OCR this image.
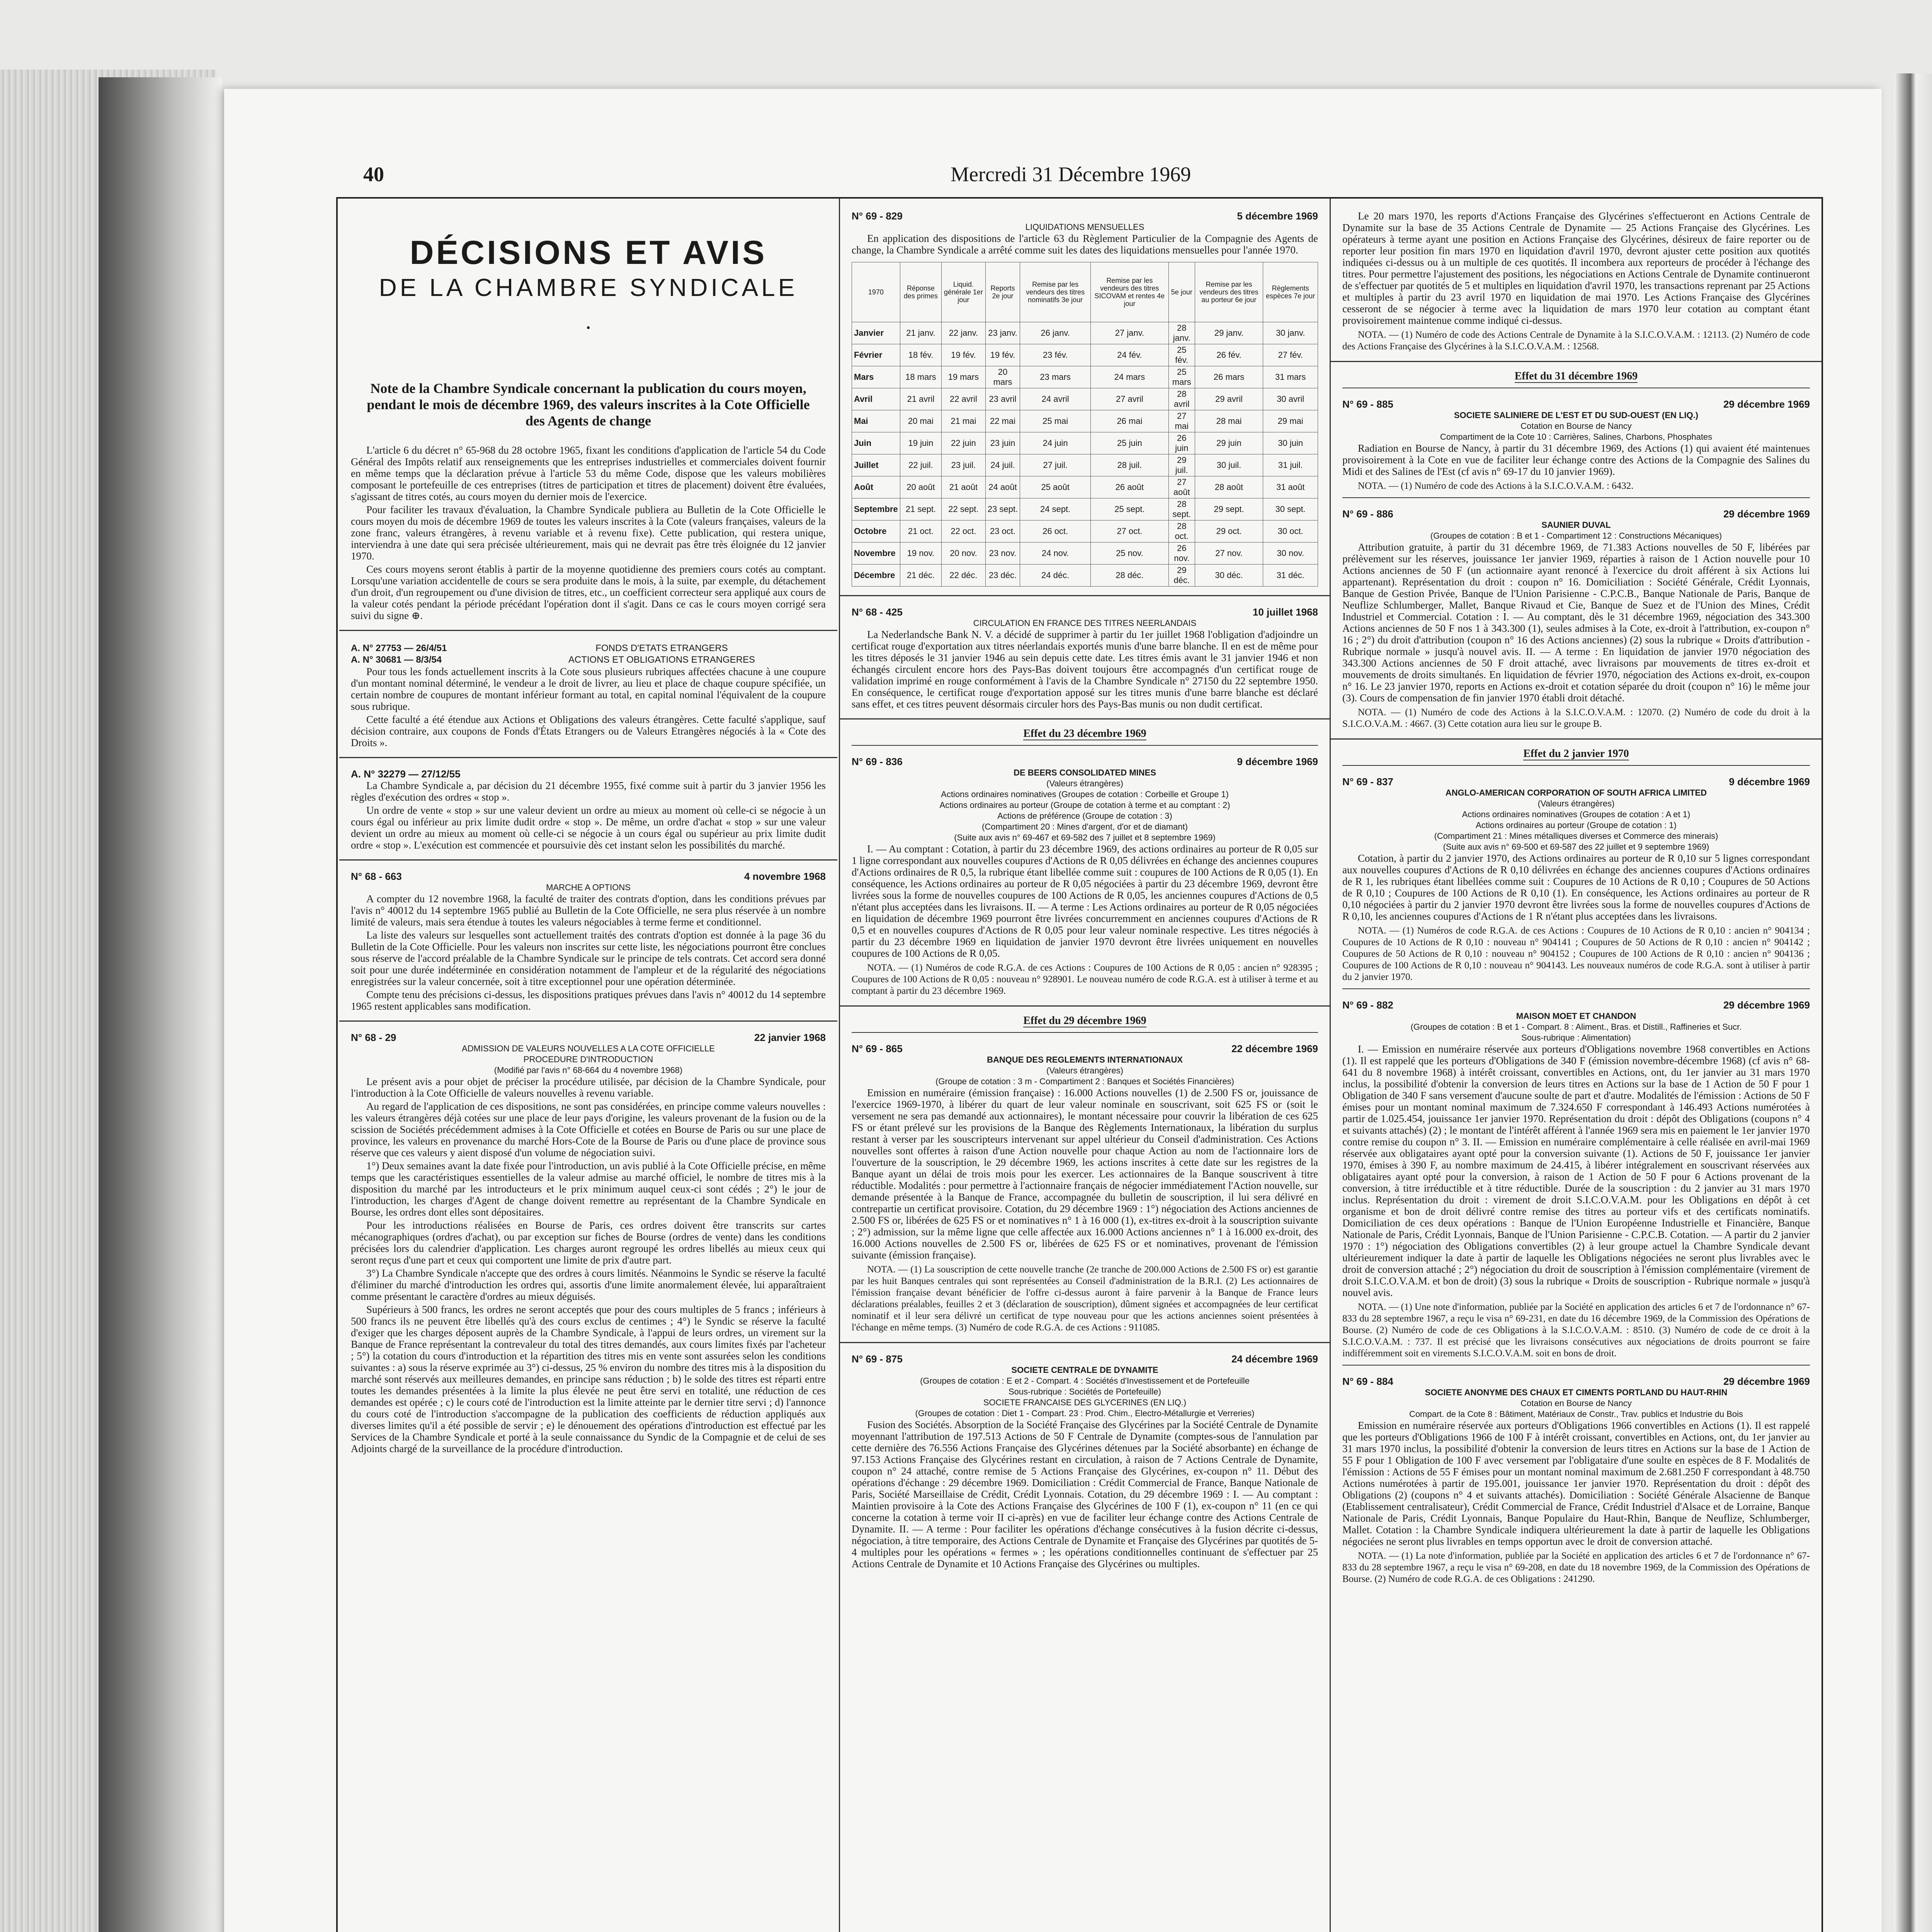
40	Mercredi 31 Décembre 1969
DÉCISIONS ET AVIS
DE LA CHAMBRE SYNDICALE
•
Note de la Chambre Syndicale concernant la publication du cours moyen, pendant le mois de décembre 1969, des valeurs inscrites à la Cote Officielle des Agents de change

L'article 6 du décret n° 65-968 du 28 octobre 1965, fixant les conditions d'application de l'article 54 du Code Général des Impôts relatif aux renseignements que les entreprises industrielles et commerciales doivent fournir en même temps que la déclaration prévue à l'article 53 du même Code, dispose que les valeurs mobilières composant le portefeuille de ces entreprises (titres de participation et titres de placement) doivent être évaluées, s'agissant de titres cotés, au cours moyen du dernier mois de l'exercice.

Pour faciliter les travaux d'évaluation, la Chambre Syndicale publiera au Bulletin de la Cote Officielle le cours moyen du mois de décembre 1969 de toutes les valeurs inscrites à la Cote (valeurs françaises, valeurs de la zone franc, valeurs étrangères, à revenu variable et à revenu fixe). Cette publication, qui restera unique, interviendra à une date qui sera précisée ultérieurement, mais qui ne devrait pas être très éloignée du 12 janvier 1970.

Ces cours moyens seront établis à partir de la moyenne quotidienne des premiers cours cotés au comptant. Lorsqu'une variation accidentelle de cours se sera produite dans le mois, à la suite, par exemple, du détachement d'un droit, d'un regroupement ou d'une division de titres, etc., un coefficient correcteur sera appliqué aux cours de la valeur cotés pendant la période précédant l'opération dont il s'agit. Dans ce cas le cours moyen corrigé sera suivi du signe ⊕.

A. N° 27753 — 26/4/51
A. N° 30681 — 8/3/54
FONDS D'ETATS ETRANGERS
ACTIONS ET OBLIGATIONS ETRANGERES

Pour tous les fonds actuellement inscrits à la Cote sous plusieurs rubriques affectées chacune à une coupure d'un montant nominal déterminé, le vendeur a le droit de livrer, au lieu et place de chaque coupure spécifiée, un certain nombre de coupures de montant inférieur formant au total, en capital nominal l'équivalent de la coupure sous rubrique.

Cette faculté a été étendue aux Actions et Obligations des valeurs étrangères. Cette faculté s'applique, sauf décision contraire, aux coupons de Fonds d'États Etrangers ou de Valeurs Etrangères négociés à la « Cote des Droits ».

A. N° 32279 — 27/12/55

La Chambre Syndicale a, par décision du 21 décembre 1955, fixé comme suit à partir du 3 janvier 1956 les règles d'exécution des ordres « stop ».

Un ordre de vente « stop » sur une valeur devient un ordre au mieux au moment où celle-ci se négocie à un cours égal ou inférieur au prix limite dudit ordre « stop ». De même, un ordre d'achat « stop » sur une valeur devient un ordre au mieux au moment où celle-ci se négocie à un cours égal ou supérieur au prix limite dudit ordre « stop ». L'exécution est commencée et poursuivie dès cet instant selon les possibilités du marché.

N° 68 - 663	4 novembre 1968
MARCHE A OPTIONS

A compter du 12 novembre 1968, la faculté de traiter des contrats d'option, dans les conditions prévues par l'avis n° 40012 du 14 septembre 1965 publié au Bulletin de la Cote Officielle, ne sera plus réservée à un nombre limité de valeurs, mais sera étendue à toutes les valeurs négociables à terme ferme et conditionnel.

La liste des valeurs sur lesquelles sont actuellement traités des contrats d'option est donnée à la page 36 du Bulletin de la Cote Officielle. Pour les valeurs non inscrites sur cette liste, les négociations pourront être conclues sous réserve de l'accord préalable de la Chambre Syndicale sur le principe de tels contrats. Cet accord sera donné soit pour une durée indéterminée en considération notamment de l'ampleur et de la régularité des négociations enregistrées sur la valeur concernée, soit à titre exceptionnel pour une opération déterminée.

Compte tenu des précisions ci-dessus, les dispositions pratiques prévues dans l'avis n° 40012 du 14 septembre 1965 restent applicables sans modification.

N° 68 - 29	22 janvier 1968
ADMISSION DE VALEURS NOUVELLES A LA COTE OFFICIELLE
PROCEDURE D'INTRODUCTION
(Modifié par l'avis n° 68-664 du 4 novembre 1968)

Le présent avis a pour objet de préciser la procédure utilisée, par décision de la Chambre Syndicale, pour l'introduction à la Cote Officielle de valeurs nouvelles à revenu variable.

Au regard de l'application de ces dispositions, ne sont pas considérées, en principe comme valeurs nouvelles : les valeurs étrangères déjà cotées sur une place de leur pays d'origine, les valeurs provenant de la fusion ou de la scission de Sociétés précédemment admises à la Cote Officielle et cotées en Bourse de Paris ou sur une place de province, les valeurs en provenance du marché Hors-Cote de la Bourse de Paris ou d'une place de province sous réserve que ces valeurs y aient disposé d'un volume de négociation suivi.

1°) Deux semaines avant la date fixée pour l'introduction, un avis publié à la Cote Officielle précise, en même temps que les caractéristiques essentielles de la valeur admise au marché officiel, le nombre de titres mis à la disposition du marché par les introducteurs et le prix minimum auquel ceux-ci sont cédés ; 2°) le jour de l'introduction, les charges d'Agent de change doivent remettre au représentant de la Chambre Syndicale en Bourse, les ordres dont elles sont dépositaires.

Pour les introductions réalisées en Bourse de Paris, ces ordres doivent être transcrits sur cartes mécanographiques (ordres d'achat), ou par exception sur fiches de Bourse (ordres de vente) dans les conditions précisées lors du calendrier d'application. Les charges auront regroupé les ordres libellés au mieux ceux qui seront reçus d'une part et ceux qui comportent une limite de prix d'autre part.

3°) La Chambre Syndicale n'accepte que des ordres à cours limités. Néanmoins le Syndic se réserve la faculté d'éliminer du marché d'introduction les ordres qui, assortis d'une limite anormalement élevée, lui apparaîtraient comme présentant le caractère d'ordres au mieux déguisés.

Supérieurs à 500 francs, les ordres ne seront acceptés que pour des cours multiples de 5 francs ; inférieurs à 500 francs ils ne peuvent être libellés qu'à des cours exclus de centimes ; 4°) le Syndic se réserve la faculté d'exiger que les charges déposent auprès de la Chambre Syndicale, à l'appui de leurs ordres, un virement sur la Banque de France représentant la contrevaleur du total des titres demandés, aux cours limites fixés par l'acheteur ; 5°) la cotation du cours d'introduction et la répartition des titres mis en vente sont assurées selon les conditions suivantes : a) sous la réserve exprimée au 3°) ci-dessus, 25 % environ du nombre des titres mis à la disposition du marché sont réservés aux meilleures demandes, en principe sans réduction ; b) le solde des titres est réparti entre toutes les demandes présentées à la limite la plus élevée ne peut être servi en totalité, une réduction de ces demandes est opérée ; c) le cours coté de l'introduction est la limite atteinte par le dernier titre servi ; d) l'annonce du cours coté de l'introduction s'accompagne de la publication des coefficients de réduction appliqués aux diverses limites qu'il a été possible de servir ; e) le dénouement des opérations d'introduction est effectué par les Services de la Chambre Syndicale et porté à la seule connaissance du Syndic de la Compagnie et de celui de ses Adjoints chargé de la surveillance de la procédure d'introduction.

N° 69 - 829	5 décembre 1969
LIQUIDATIONS MENSUELLES

En application des dispositions de l'article 63 du Règlement Particulier de la Compagnie des Agents de change, la Chambre Syndicale a arrêté comme suit les dates des liquidations mensuelles pour l'année 1970.

1970	Réponse des primes	Liquid. générale 1er jour	Reports 2e jour	Remise par les vendeurs des titres nominatifs 3e jour	Remise par les vendeurs des titres SICOVAM et rentes 4e jour	5e jour	Remise par les vendeurs des titres au porteur 6e jour	Règlements espèces 7e jour
Janvier	21 janv.	22 janv.	23 janv.	26 janv.	27 janv.	28 janv.	29 janv.	30 janv.
Février	18 fév.	19 fév.	19 fév.	23 fév.	24 fév.	25 fév.	26 fév.	27 fév.
Mars	18 mars	19 mars	20 mars	23 mars	24 mars	25 mars	26 mars	31 mars
Avril	21 avril	22 avril	23 avril	24 avril	27 avril	28 avril	29 avril	30 avril
Mai	20 mai	21 mai	22 mai	25 mai	26 mai	27 mai	28 mai	29 mai
Juin	19 juin	22 juin	23 juin	24 juin	25 juin	26 juin	29 juin	30 juin
Juillet	22 juil.	23 juil.	24 juil.	27 juil.	28 juil.	29 juil.	30 juil.	31 juil.
Août	20 août	21 août	24 août	25 août	26 août	27 août	28 août	31 août
Septembre	21 sept.	22 sept.	23 sept.	24 sept.	25 sept.	28 sept.	29 sept.	30 sept.
Octobre	21 oct.	22 oct.	23 oct.	26 oct.	27 oct.	28 oct.	29 oct.	30 oct.
Novembre	19 nov.	20 nov.	23 nov.	24 nov.	25 nov.	26 nov.	27 nov.	30 nov.
Décembre	21 déc.	22 déc.	23 déc.	24 déc.	28 déc.	29 déc.	30 déc.	31 déc.
N° 68 - 425	10 juillet 1968
CIRCULATION EN FRANCE DES TITRES NEERLANDAIS

La Nederlandsche Bank N. V. a décidé de supprimer à partir du 1er juillet 1968 l'obligation d'adjoindre un certificat rouge d'exportation aux titres néerlandais exportés munis d'une barre blanche. Il en est de même pour les titres déposés le 31 janvier 1946 au sein depuis cette date. Les titres émis avant le 31 janvier 1946 et non échangés circulent encore hors des Pays-Bas doivent toujours être accompagnés d'un certificat rouge de validation imprimé en rouge conformément à l'avis de la Chambre Syndicale n° 27150 du 22 septembre 1950. En conséquence, le certificat rouge d'exportation apposé sur les titres munis d'une barre blanche est déclaré sans effet, et ces titres peuvent désormais circuler hors des Pays-Bas munis ou non dudit certificat.

Effet du 23 décembre 1969
N° 69 - 836	9 décembre 1969
DE BEERS CONSOLIDATED MINES
(Valeurs étrangères)
Actions ordinaires nominatives (Groupes de cotation : Corbeille et Groupe 1)
Actions ordinaires au porteur (Groupe de cotation à terme et au comptant : 2)
Actions de préférence (Groupe de cotation : 3)
(Compartiment 20 : Mines d'argent, d'or et de diamant)
(Suite aux avis n° 69-467 et 69-582 des 7 juillet et 8 septembre 1969)

I. — Au comptant : Cotation, à partir du 23 décembre 1969, des actions ordinaires au porteur de R 0,05 sur 1 ligne correspondant aux nouvelles coupures d'Actions de R 0,05 délivrées en échange des anciennes coupures d'Actions ordinaires de R 0,5, la rubrique étant libellée comme suit : coupures de 100 Actions de R 0,05 (1). En conséquence, les Actions ordinaires au porteur de R 0,05 négociées à partir du 23 décembre 1969, devront être livrées sous la forme de nouvelles coupures de 100 Actions de R 0,05, les anciennes coupures d'Actions de 0,5 n'étant plus acceptées dans les livraisons. II. — A terme : Les Actions ordinaires au porteur de R 0,05 négociées en liquidation de décembre 1969 pourront être livrées concurremment en anciennes coupures d'Actions de R 0,5 et en nouvelles coupures d'Actions de R 0,05 pour leur valeur nominale respective. Les titres négociés à partir du 23 décembre 1969 en liquidation de janvier 1970 devront être livrées uniquement en nouvelles coupures de 100 Actions de R 0,05.

NOTA. — (1) Numéros de code R.G.A. de ces Actions : Coupures de 100 Actions de R 0,05 : ancien n° 928395 ; Coupures de 100 Actions de R 0,05 : nouveau n° 928901. Le nouveau numéro de code R.G.A. est à utiliser à terme et au comptant à partir du 23 décembre 1969.

Effet du 29 décembre 1969
N° 69 - 865	22 décembre 1969
BANQUE DES REGLEMENTS INTERNATIONAUX
(Valeurs étrangères)
(Groupe de cotation : 3 m - Compartiment 2 : Banques et Sociétés Financières)

Emission en numéraire (émission française) : 16.000 Actions nouvelles (1) de 2.500 FS or, jouissance de l'exercice 1969-1970, à libérer du quart de leur valeur nominale en souscrivant, soit 625 FS or (soit le versement ne sera pas demandé aux actionnaires), le montant nécessaire pour couvrir la libération de ces 625 FS or étant prélevé sur les provisions de la Banque des Règlements Internationaux, la libération du surplus restant à verser par les souscripteurs intervenant sur appel ultérieur du Conseil d'administration. Ces Actions nouvelles sont offertes à raison d'une Action nouvelle pour chaque Action au nom de l'actionnaire lors de l'ouverture de la souscription, le 29 décembre 1969, les actions inscrites à cette date sur les registres de la Banque ayant un délai de trois mois pour les exercer. Les actionnaires de la Banque souscrivent à titre réductible. Modalités : pour permettre à l'actionnaire français de négocier immédiatement l'Action nouvelle, sur demande présentée à la Banque de France, accompagnée du bulletin de souscription, il lui sera délivré en contrepartie un certificat provisoire. Cotation, du 29 décembre 1969 : 1°) négociation des Actions anciennes de 2.500 FS or, libérées de 625 FS or et nominatives n° 1 à 16 000 (1), ex-titres ex-droit à la souscription suivante ; 2°) admission, sur la même ligne que celle affectée aux 16.000 Actions anciennes n° 1 à 16.000 ex-droit, des 16.000 Actions nouvelles de 2.500 FS or, libérées de 625 FS or et nominatives, provenant de l'émission suivante (émission française).

NOTA. — (1) La souscription de cette nouvelle tranche (2e tranche de 200.000 Actions de 2.500 FS or) est garantie par les huit Banques centrales qui sont représentées au Conseil d'administration de la B.R.I. (2) Les actionnaires de l'émission française devant bénéficier de l'offre ci-dessus auront à faire parvenir à la Banque de France leurs déclarations préalables, feuilles 2 et 3 (déclaration de souscription), dûment signées et accompagnées de leur certificat nominatif et il leur sera délivré un certificat de type nouveau pour que les actions anciennes soient présentées à l'échange en même temps. (3) Numéro de code R.G.A. de ces Actions : 911085.

N° 69 - 875	24 décembre 1969
SOCIETE CENTRALE DE DYNAMITE
(Groupes de cotation : E et 2 - Compart. 4 : Sociétés d'Investissement et de Portefeuille
Sous-rubrique : Sociétés de Portefeuille)
SOCIETE FRANCAISE DES GLYCERINES (EN LIQ.)
(Groupes de cotation : Diet 1 - Compart. 23 : Prod. Chim., Electro-Métallurgie et Verreries)

Fusion des Sociétés. Absorption de la Société Française des Glycérines par la Société Centrale de Dynamite moyennant l'attribution de 197.513 Actions de 50 F Centrale de Dynamite (comptes-sous de l'annulation par cette dernière des 76.556 Actions Française des Glycérines détenues par la Société absorbante) en échange de 97.153 Actions Française des Glycérines restant en circulation, à raison de 7 Actions Centrale de Dynamite, coupon n° 24 attaché, contre remise de 5 Actions Française des Glycérines, ex-coupon n° 11. Début des opérations d'échange : 29 décembre 1969. Domiciliation : Crédit Commercial de France, Banque Nationale de Paris, Société Marseillaise de Crédit, Crédit Lyonnais. Cotation, du 29 décembre 1969 : I. — Au comptant : Maintien provisoire à la Cote des Actions Française des Glycérines de 100 F (1), ex-coupon n° 11 (en ce qui concerne la cotation à terme voir II ci-après) en vue de faciliter leur échange contre des Actions Centrale de Dynamite. II. — A terme : Pour faciliter les opérations d'échange consécutives à la fusion décrite ci-dessus, négociation, à titre temporaire, des Actions Centrale de Dynamite et Française des Glycérines par quotités de 5-4 multiples pour les opérations « fermes » ; les opérations conditionnelles continuant de s'effectuer par 25 Actions Centrale de Dynamite et 10 Actions Française des Glycérines ou multiples.

Le 20 mars 1970, les reports d'Actions Française des Glycérines s'effectueront en Actions Centrale de Dynamite sur la base de 35 Actions Centrale de Dynamite — 25 Actions Française des Glycérines. Les opérateurs à terme ayant une position en Actions Française des Glycérines, désireux de faire reporter ou de reporter leur position fin mars 1970 en liquidation d'avril 1970, devront ajuster cette position aux quotités indiquées ci-dessus ou à un multiple de ces quotités. Il incombera aux reporteurs de procéder à l'échange des titres. Pour permettre l'ajustement des positions, les négociations en Actions Centrale de Dynamite continueront de s'effectuer par quotités de 5 et multiples en liquidation d'avril 1970, les transactions reprenant par 25 Actions et multiples à partir du 23 avril 1970 en liquidation de mai 1970. Les Actions Française des Glycérines cesseront de se négocier à terme avec la liquidation de mars 1970 leur cotation au comptant étant provisoirement maintenue comme indiqué ci-dessus.

NOTA. — (1) Numéro de code des Actions Centrale de Dynamite à la S.I.C.O.V.A.M. : 12113. (2) Numéro de code des Actions Française des Glycérines à la S.I.C.O.V.A.M. : 12568.

Effet du 31 décembre 1969
N° 69 - 885	29 décembre 1969
SOCIETE SALINIERE DE L'EST ET DU SUD-OUEST (EN LIQ.)
Cotation en Bourse de Nancy
Compartiment de la Cote 10 : Carrières, Salines, Charbons, Phosphates

Radiation en Bourse de Nancy, à partir du 31 décembre 1969, des Actions (1) qui avaient été maintenues provisoirement à la Cote en vue de faciliter leur échange contre des Actions de la Compagnie des Salines du Midi et des Salines de l'Est (cf avis n° 69-17 du 10 janvier 1969).

NOTA. — (1) Numéro de code des Actions à la S.I.C.O.V.A.M. : 6432.

N° 69 - 886	29 décembre 1969
SAUNIER DUVAL
(Groupes de cotation : B et 1 - Compartiment 12 : Constructions Mécaniques)

Attribution gratuite, à partir du 31 décembre 1969, de 71.383 Actions nouvelles de 50 F, libérées par prélèvement sur les réserves, jouissance 1er janvier 1969, réparties à raison de 1 Action nouvelle pour 10 Actions anciennes de 50 F (un actionnaire ayant renoncé à l'exercice du droit afférent à six Actions lui appartenant). Représentation du droit : coupon n° 16. Domiciliation : Société Générale, Crédit Lyonnais, Banque de Gestion Privée, Banque de l'Union Parisienne - C.P.C.B., Banque Nationale de Paris, Banque de Neuflize Schlumberger, Mallet, Banque Rivaud et Cie, Banque de Suez et de l'Union des Mines, Crédit Industriel et Commercial. Cotation : I. — Au comptant, dès le 31 décembre 1969, négociation des 343.300 Actions anciennes de 50 F nos 1 à 343.300 (1), seules admises à la Cote, ex-droit à l'attribution, ex-coupon n° 16 ; 2°) du droit d'attribution (coupon n° 16 des Actions anciennes) (2) sous la rubrique « Droits d'attribution - Rubrique normale » jusqu'à nouvel avis. II. — A terme : En liquidation de janvier 1970 négociation des 343.300 Actions anciennes de 50 F droit attaché, avec livraisons par mouvements de titres ex-droit et mouvements de droits simultanés. En liquidation de février 1970, négociation des Actions ex-droit, ex-coupon n° 16. Le 23 janvier 1970, reports en Actions ex-droit et cotation séparée du droit (coupon n° 16) le même jour (3). Cours de compensation de fin janvier 1970 établi droit détaché.

NOTA. — (1) Numéro de code des Actions à la S.I.C.O.V.A.M. : 12070. (2) Numéro de code du droit à la S.I.C.O.V.A.M. : 4667. (3) Cette cotation aura lieu sur le groupe B.

Effet du 2 janvier 1970
N° 69 - 837	9 décembre 1969
ANGLO-AMERICAN CORPORATION OF SOUTH AFRICA LIMITED
(Valeurs étrangères)
Actions ordinaires nominatives (Groupes de cotation : A et 1)
Actions ordinaires au porteur (Groupe de cotation : 1)
(Compartiment 21 : Mines métalliques diverses et Commerce des minerais)
(Suite aux avis n° 69-500 et 69-587 des 22 juillet et 9 septembre 1969)

Cotation, à partir du 2 janvier 1970, des Actions ordinaires au porteur de R 0,10 sur 5 lignes correspondant aux nouvelles coupures d'Actions de R 0,10 délivrées en échange des anciennes coupures d'Actions ordinaires de R 1, les rubriques étant libellées comme suit : Coupures de 10 Actions de R 0,10 ; Coupures de 50 Actions de R 0,10 ; Coupures de 100 Actions de R 0,10 (1). En conséquence, les Actions ordinaires au porteur de R 0,10 négociées à partir du 2 janvier 1970 devront être livrées sous la forme de nouvelles coupures d'Actions de R 0,10, les anciennes coupures d'Actions de 1 R n'étant plus acceptées dans les livraisons.

NOTA. — (1) Numéros de code R.G.A. de ces Actions : Coupures de 10 Actions de R 0,10 : ancien n° 904134 ; Coupures de 10 Actions de R 0,10 : nouveau n° 904141 ; Coupures de 50 Actions de R 0,10 : ancien n° 904142 ; Coupures de 50 Actions de R 0,10 : nouveau n° 904152 ; Coupures de 100 Actions de R 0,10 : ancien n° 904136 ; Coupures de 100 Actions de R 0,10 : nouveau n° 904143. Les nouveaux numéros de code R.G.A. sont à utiliser à partir du 2 janvier 1970.

N° 69 - 882	29 décembre 1969
MAISON MOET ET CHANDON
(Groupes de cotation : B et 1 - Compart. 8 : Aliment., Bras. et Distill., Raffineries et Sucr.
Sous-rubrique : Alimentation)

I. — Emission en numéraire réservée aux porteurs d'Obligations novembre 1968 convertibles en Actions (1). Il est rappelé que les porteurs d'Obligations de 340 F (émission novembre-décembre 1968) (cf avis n° 68-641 du 8 novembre 1968) à intérêt croissant, convertibles en Actions, ont, du 1er janvier au 31 mars 1970 inclus, la possibilité d'obtenir la conversion de leurs titres en Actions sur la base de 1 Action de 50 F pour 1 Obligation de 340 F sans versement d'aucune soulte de part et d'autre. Modalités de l'émission : Actions de 50 F émises pour un montant nominal maximum de 7.324.650 F correspondant à 146.493 Actions numérotées à partir de 1.025.454, jouissance 1er janvier 1970. Représentation du droit : dépôt des Obligations (coupons n° 4 et suivants attachés) (2) ; le montant de l'intérêt afférent à l'année 1969 sera mis en paiement le 1er janvier 1970 contre remise du coupon n° 3. II. — Emission en numéraire complémentaire à celle réalisée en avril-mai 1969 réservée aux obligataires ayant opté pour la conversion suivante (1). Actions de 50 F, jouissance 1er janvier 1970, émises à 390 F, au nombre maximum de 24.415, à libérer intégralement en souscrivant réservées aux obligataires ayant opté pour la conversion, à raison de 1 Action de 50 F pour 6 Actions provenant de la conversion, à titre irréductible et à titre réductible. Durée de la souscription : du 2 janvier au 31 mars 1970 inclus. Représentation du droit : virement de droit S.I.C.O.V.A.M. pour les Obligations en dépôt à cet organisme et bon de droit délivré contre remise des titres au porteur vifs et des certificats nominatifs. Domiciliation de ces deux opérations : Banque de l'Union Européenne Industrielle et Financière, Banque Nationale de Paris, Crédit Lyonnais, Banque de l'Union Parisienne - C.P.C.B. Cotation. — A partir du 2 janvier 1970 : 1°) négociation des Obligations convertibles (2) à leur groupe actuel la Chambre Syndicale devant ultérieurement indiquer la date à partir de laquelle les Obligations négociées ne seront plus livrables avec le droit de conversion attaché ; 2°) négociation du droit de souscription à l'émission complémentaire (virement de droit S.I.C.O.V.A.M. et bon de droit) (3) sous la rubrique « Droits de souscription - Rubrique normale » jusqu'à nouvel avis.

NOTA. — (1) Une note d'information, publiée par la Société en application des articles 6 et 7 de l'ordonnance n° 67-833 du 28 septembre 1967, a reçu le visa n° 69-231, en date du 16 décembre 1969, de la Commission des Opérations de Bourse. (2) Numéro de code de ces Obligations à la S.I.C.O.V.A.M. : 8510. (3) Numéro de code de ce droit à la S.I.C.O.V.A.M. : 737. Il est précisé que les livraisons consécutives aux négociations de droits pourront se faire indifféremment soit en virements S.I.C.O.V.A.M. soit en bons de droit.

N° 69 - 884	29 décembre 1969
SOCIETE ANONYME DES CHAUX ET CIMENTS PORTLAND DU HAUT-RHIN
Cotation en Bourse de Nancy
Compart. de la Cote 8 : Bâtiment, Matériaux de Constr., Trav. publics et Industrie du Bois

Emission en numéraire réservée aux porteurs d'Obligations 1966 convertibles en Actions (1). Il est rappelé que les porteurs d'Obligations 1966 de 100 F à intérêt croissant, convertibles en Actions, ont, du 1er janvier au 31 mars 1970 inclus, la possibilité d'obtenir la conversion de leurs titres en Actions sur la base de 1 Action de 55 F pour 1 Obligation de 100 F avec versement par l'obligataire d'une soulte en espèces de 8 F. Modalités de l'émission : Actions de 55 F émises pour un montant nominal maximum de 2.681.250 F correspondant à 48.750 Actions numérotées à partir de 195.001, jouissance 1er janvier 1970. Représentation du droit : dépôt des Obligations (2) (coupons n° 4 et suivants attachés). Domiciliation : Société Générale Alsacienne de Banque (Etablissement centralisateur), Crédit Commercial de France, Crédit Industriel d'Alsace et de Lorraine, Banque Nationale de Paris, Crédit Lyonnais, Banque Populaire du Haut-Rhin, Banque de Neuflize, Schlumberger, Mallet. Cotation : la Chambre Syndicale indiquera ultérieurement la date à partir de laquelle les Obligations négociées ne seront plus livrables en temps opportun avec le droit de conversion attaché.

NOTA. — (1) La note d'information, publiée par la Société en application des articles 6 et 7 de l'ordonnance n° 67-833 du 28 septembre 1967, a reçu le visa n° 69-208, en date du 18 novembre 1969, de la Commission des Opérations de Bourse. (2) Numéro de code R.G.A. de ces Obligations : 241290.
